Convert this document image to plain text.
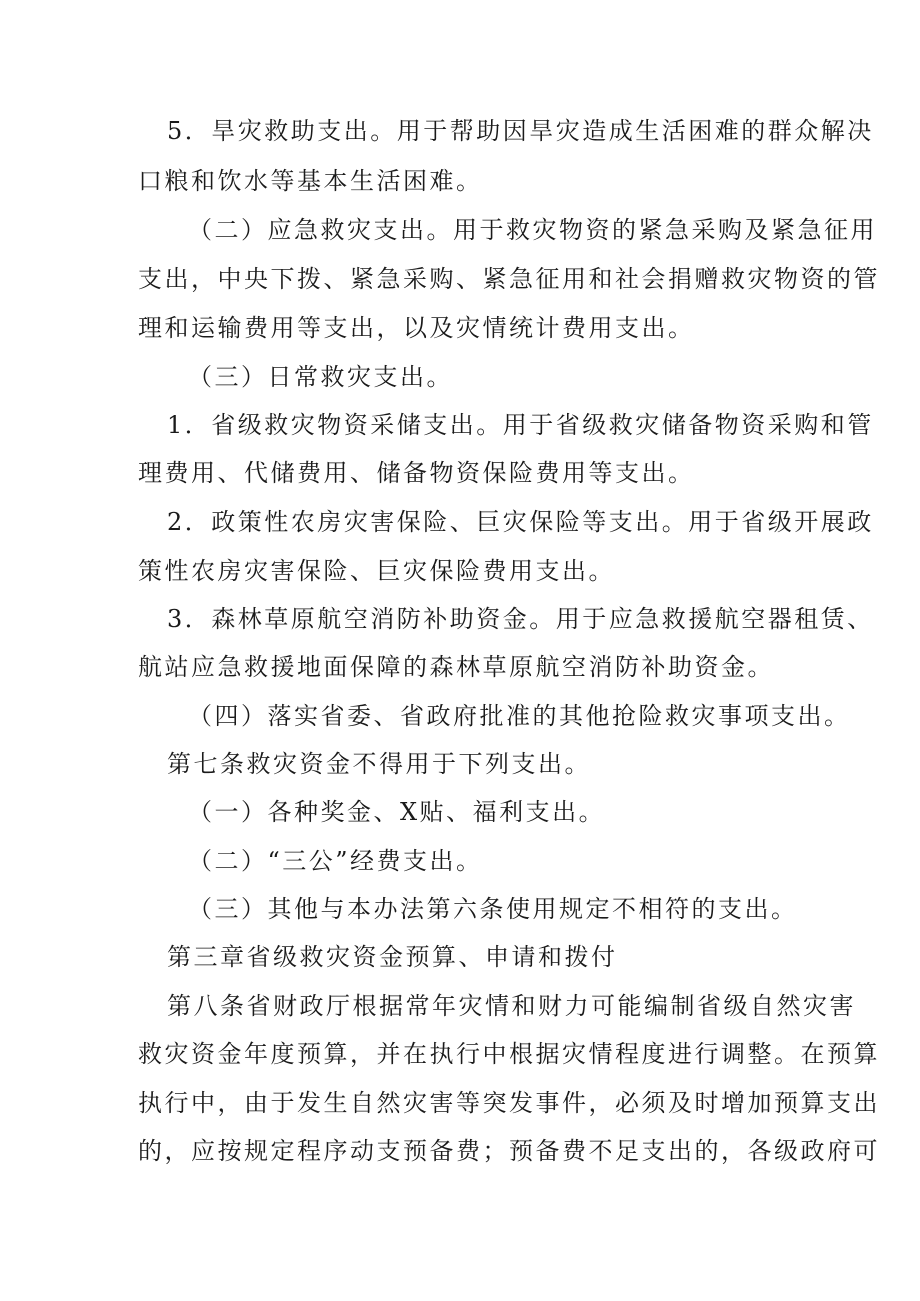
5．旱灾救助支出。用于帮助因旱灾造成生活困难的群众解决
口粮和饮水等基本生活困难。
（二）应急救灾支出。用于救灾物资的紧急采购及紧急征用
支出，中央下拨、紧急采购、紧急征用和社会捐赠救灾物资的管
理和运输费用等支出，以及灾情统计费用支出。
（三）日常救灾支出。
1．省级救灾物资采储支出。用于省级救灾储备物资采购和管
理费用、代储费用、储备物资保险费用等支出。
2．政策性农房灾害保险、巨灾保险等支出。用于省级开展政
策性农房灾害保险、巨灾保险费用支出。
3．森林草原航空消防补助资金。用于应急救援航空器租赁、
航站应急救援地面保障的森林草原航空消防补助资金。
（四）落实省委、省政府批准的其他抢险救灾事项支出。
第七条救灾资金不得用于下列支出。
（一）各种奖金、X贴、福利支出。
（二）“三公”经费支出。
（三）其他与本办法第六条使用规定不相符的支出。
第三章省级救灾资金预算、申请和拨付
第八条省财政厅根据常年灾情和财力可能编制省级自然灾害
救灾资金年度预算，并在执行中根据灾情程度进行调整。在预算
执行中，由于发生自然灾害等突发事件，必须及时增加预算支出
的，应按规定程序动支预备费；预备费不足支出的，各级政府可
